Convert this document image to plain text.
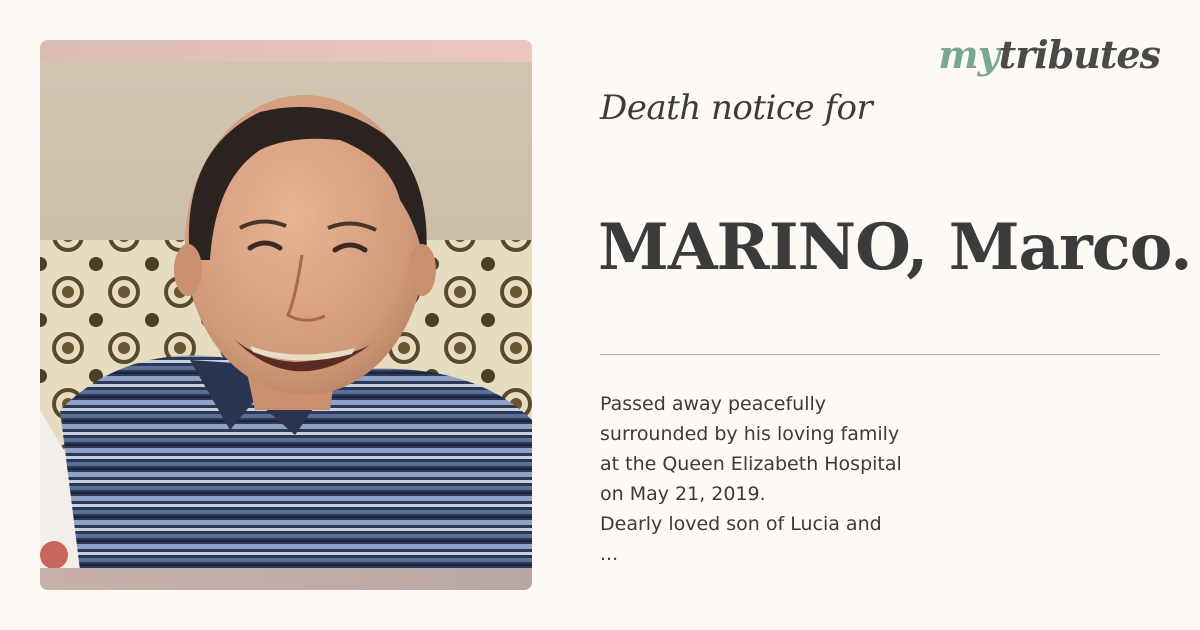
mytributes
Death notice for
MARINO, Marco.
Passed away peacefully
surrounded by his loving family
at the Queen Elizabeth Hospital
on May 21, 2019.
Dearly loved son of Lucia and
...
